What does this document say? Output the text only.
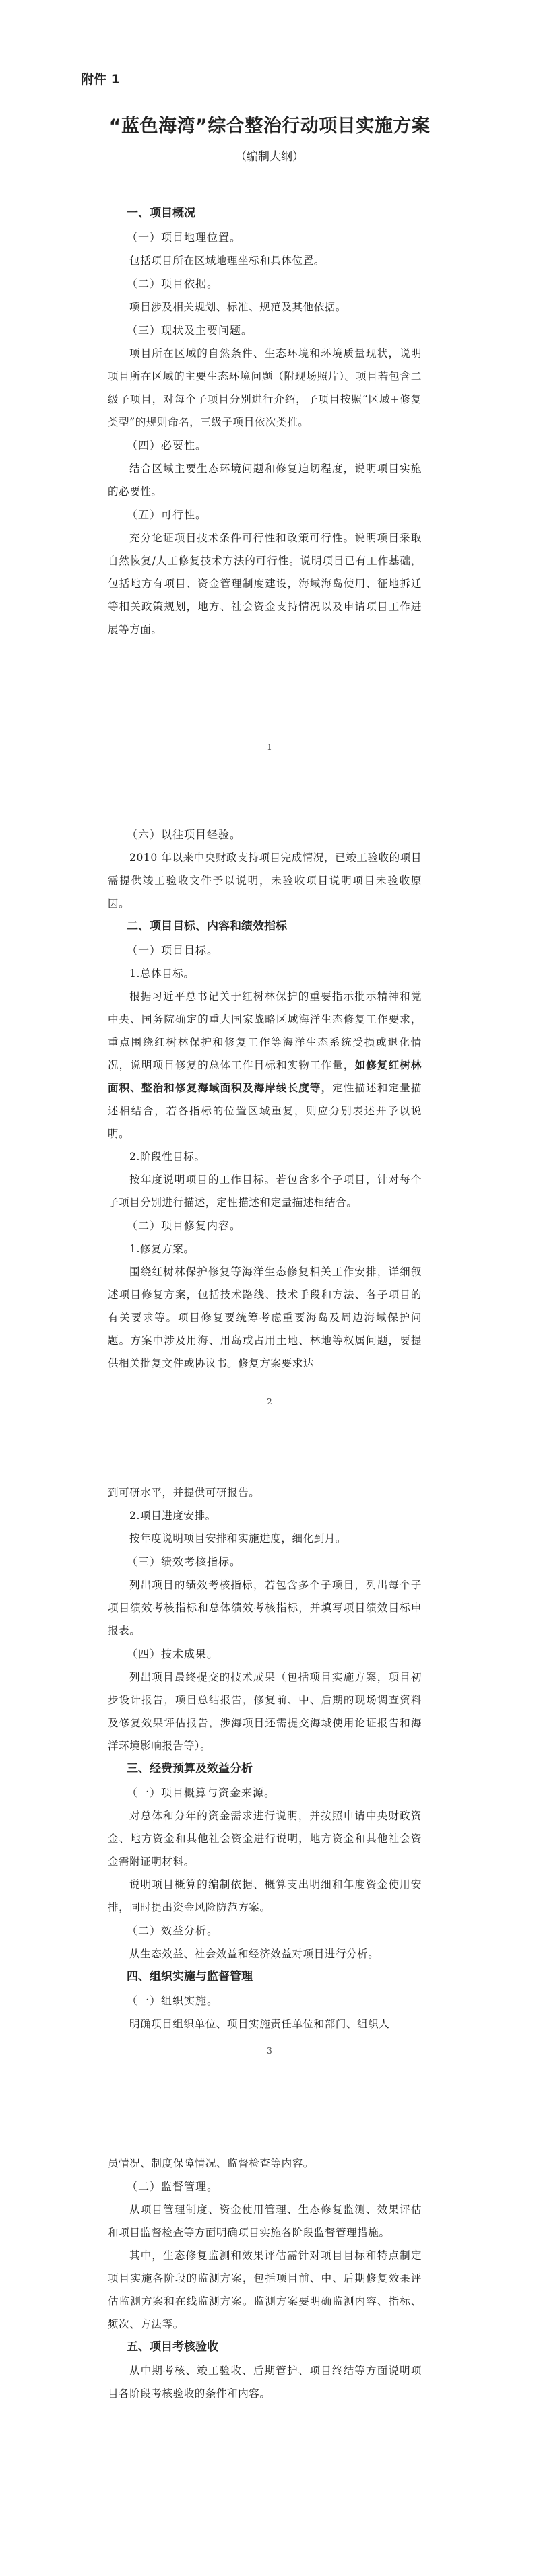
附件 1
“蓝色海湾”综合整治行动项目实施方案
（编制大纲）

一、项目概况

（一）项目地理位置。

包括项目所在区域地理坐标和具体位置。

（二）项目依据。

项目涉及相关规划、标准、规范及其他依据。

（三）现状及主要问题。

项目所在区域的自然条件、生态环境和环境质量现状，说明项目所在区域的主要生态环境问题（附现场照片）。项目若包含二级子项目，对每个子项目分别进行介绍，子项目按照“区域+修复类型”的规则命名，三级子项目依次类推。

（四）必要性。

结合区域主要生态环境问题和修复迫切程度，说明项目实施的必要性。

（五）可行性。

充分论证项目技术条件可行性和政策可行性。说明项目采取自然恢复/人工修复技术方法的可行性。说明项目已有工作基础，包括地方有项目、资金管理制度建设，海域海岛使用、征地拆迁等相关政策规划，地方、社会资金支持情况以及申请项目工作进展等方面。

1

（六）以往项目经验。

2010 年以来中央财政支持项目完成情况，已竣工验收的项目需提供竣工验收文件予以说明，未验收项目说明项目未验收原因。

二、项目目标、内容和绩效指标

（一）项目目标。

1.总体目标。

根据习近平总书记关于红树林保护的重要指示批示精神和党中央、国务院确定的重大国家战略区域海洋生态修复工作要求，重点围绕红树林保护和修复工作等海洋生态系统受损或退化情况，说明项目修复的总体工作目标和实物工作量，如修复红树林面积、整治和修复海域面积及海岸线长度等，定性描述和定量描述相结合，若各指标的位置区域重复，则应分别表述并予以说明。

2.阶段性目标。

按年度说明项目的工作目标。若包含多个子项目，针对每个子项目分别进行描述，定性描述和定量描述相结合。

（二）项目修复内容。

1.修复方案。

围绕红树林保护修复等海洋生态修复相关工作安排，详细叙述项目修复方案，包括技术路线、技术手段和方法、各子项目的有关要求等。项目修复要统筹考虑重要海岛及周边海域保护问题。方案中涉及用海、用岛或占用土地、林地等权属问题，要提供相关批复文件或协议书。修复方案要求达

2

到可研水平，并提供可研报告。

2.项目进度安排。

按年度说明项目安排和实施进度，细化到月。

（三）绩效考核指标。

列出项目的绩效考核指标，若包含多个子项目，列出每个子项目绩效考核指标和总体绩效考核指标，并填写项目绩效目标申报表。

（四）技术成果。

列出项目最终提交的技术成果（包括项目实施方案，项目初步设计报告，项目总结报告，修复前、中、后期的现场调查资料及修复效果评估报告，涉海项目还需提交海域使用论证报告和海洋环境影响报告等）。

三、经费预算及效益分析

（一）项目概算与资金来源。

对总体和分年的资金需求进行说明，并按照申请中央财政资金、地方资金和其他社会资金进行说明，地方资金和其他社会资金需附证明材料。

说明项目概算的编制依据、概算支出明细和年度资金使用安排，同时提出资金风险防范方案。

（二）效益分析。

从生态效益、社会效益和经济效益对项目进行分析。

四、组织实施与监督管理

（一）组织实施。

明确项目组织单位、项目实施责任单位和部门、组织人

3

员情况、制度保障情况、监督检查等内容。

（二）监督管理。

从项目管理制度、资金使用管理、生态修复监测、效果评估和项目监督检查等方面明确项目实施各阶段监督管理措施。

其中，生态修复监测和效果评估需针对项目目标和特点制定项目实施各阶段的监测方案，包括项目前、中、后期修复效果评估监测方案和在线监测方案。监测方案要明确监测内容、指标、频次、方法等。

五、项目考核验收

从中期考核、竣工验收、后期管护、项目终结等方面说明项目各阶段考核验收的条件和内容。
